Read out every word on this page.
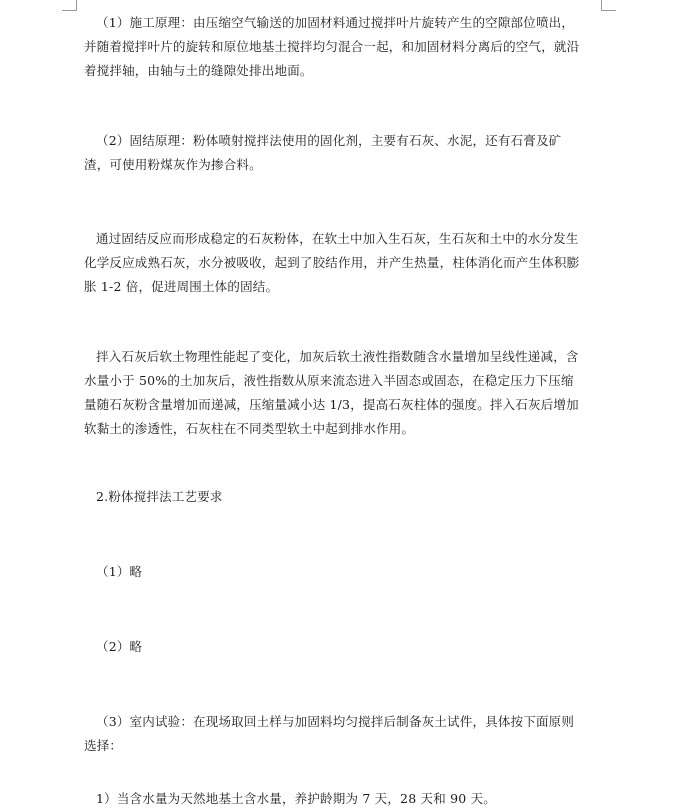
（1）施工原理：由压缩空气输送的加固材料通过搅拌叶片旋转产生的空隙部位喷出，并随着搅拌叶片的旋转和原位地基土搅拌均匀混合一起，和加固材料分离后的空气，就沿着搅拌轴，由轴与土的缝隙处排出地面。

（2）固结原理：粉体喷射搅拌法使用的固化剂，主要有石灰、水泥，还有石膏及矿渣，可使用粉煤灰作为掺合料。

通过固结反应而形成稳定的石灰粉体，在软土中加入生石灰，生石灰和土中的水分发生化学反应成熟石灰，水分被吸收，起到了胶结作用，并产生热量，柱体消化而产生体积膨胀 1-2 倍，促进周围土体的固结。

拌入石灰后软土物理性能起了变化，加灰后软土液性指数随含水量增加呈线性递减，含水量小于 50%的土加灰后，液性指数从原来流态进入半固态或固态，在稳定压力下压缩量随石灰粉含量增加而递减，压缩量减小达 1/3，提高石灰柱体的强度。拌入石灰后增加软黏土的渗透性，石灰柱在不同类型软土中起到排水作用。

2.粉体搅拌法工艺要求

（1）略

（2）略

（3）室内试验：在现场取回土样与加固料均匀搅拌后制备灰土试件，具体按下面原则选择：

1）当含水量为天然地基土含水量，养护龄期为 7 天，28 天和 90 天。
